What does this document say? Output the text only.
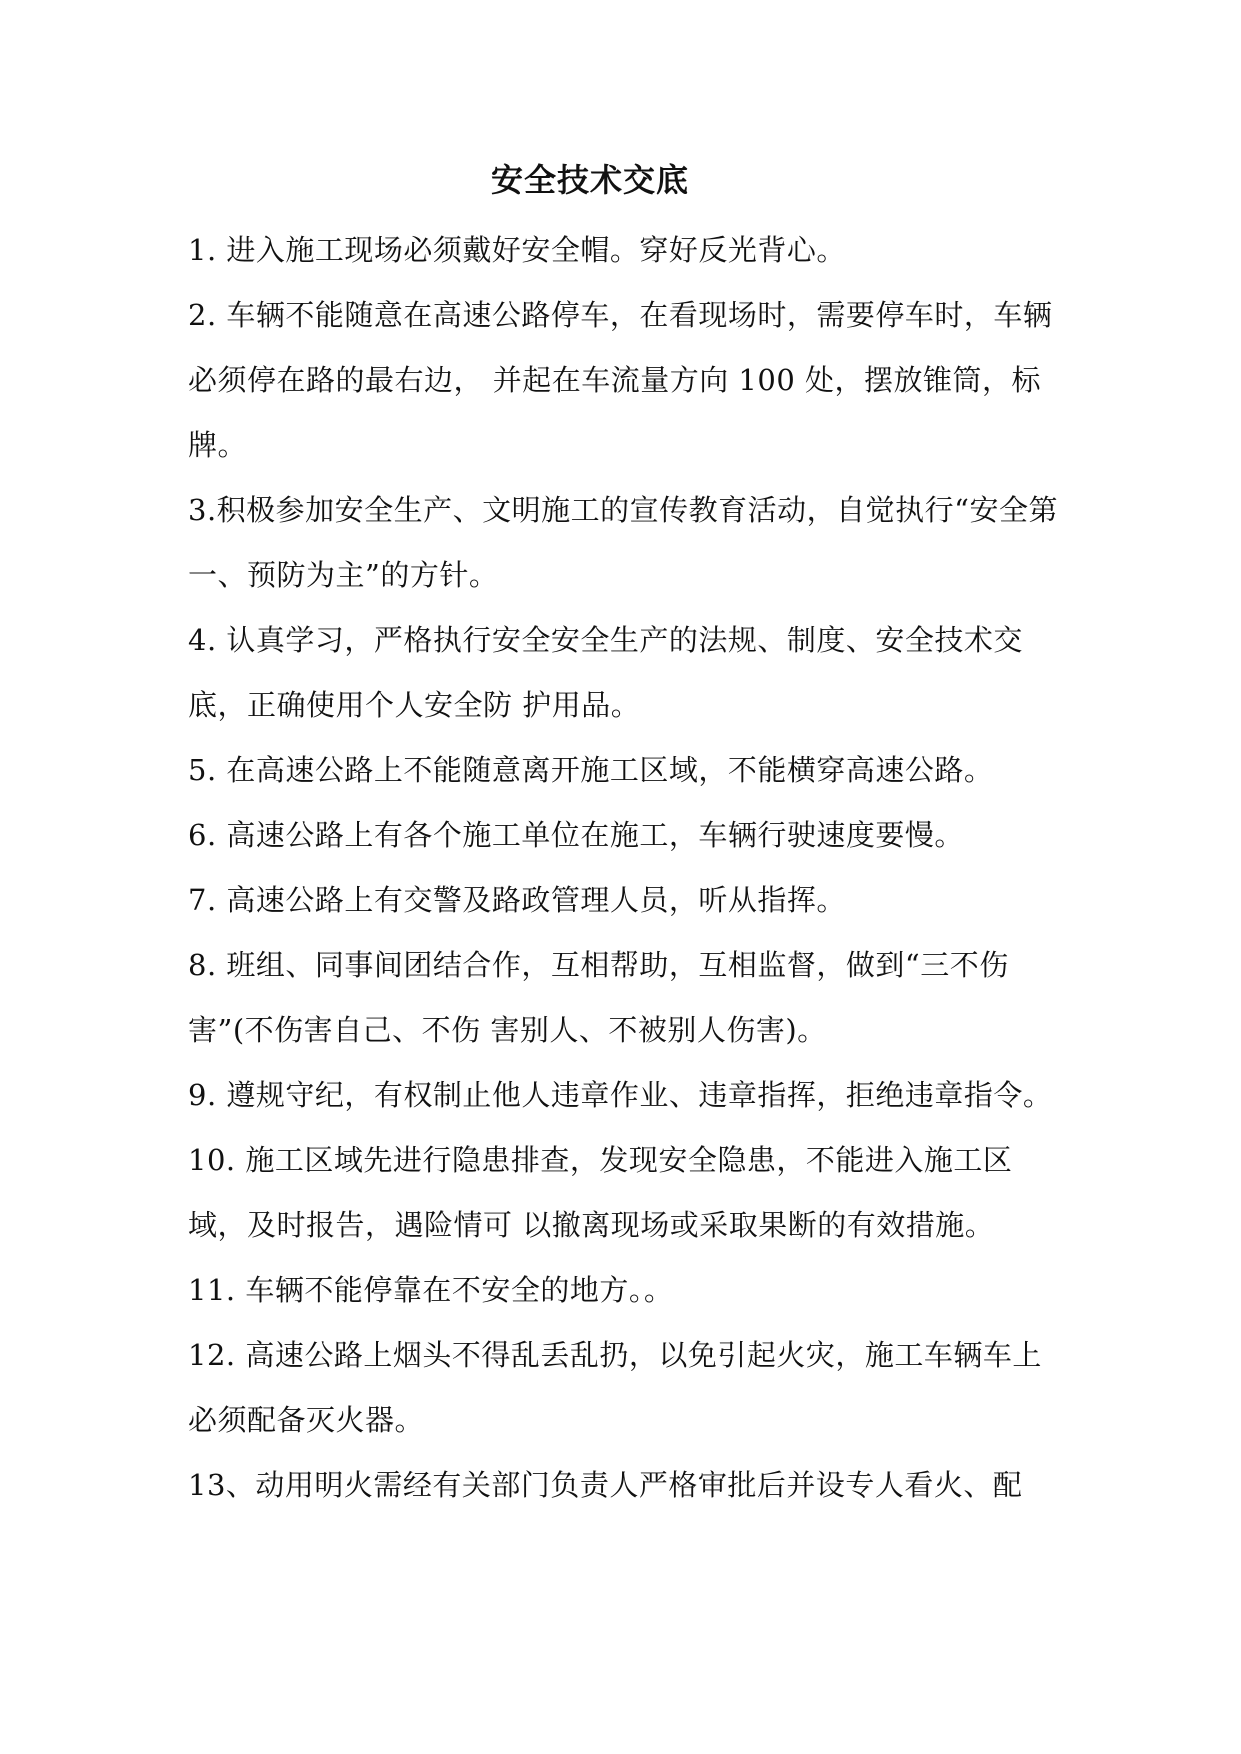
安全技术交底

1. 进入施工现场必须戴好安全帽。穿好反光背心。

2. 车辆不能随意在高速公路停车，在看现场时，需要停车时，车辆必须停在路的最右边， 并起在车流量方向 100 处，摆放锥筒，标牌。

3.积极参加安全生产、文明施工的宣传教育活动，自觉执行“安全第一、预防为主”的方针。

4. 认真学习，严格执行安全安全生产的法规、制度、安全技术交底，正确使用个人安全防 护用品。

5. 在高速公路上不能随意离开施工区域，不能横穿高速公路。

6. 高速公路上有各个施工单位在施工，车辆行驶速度要慢。

7. 高速公路上有交警及路政管理人员，听从指挥。

8. 班组、同事间团结合作，互相帮助，互相监督，做到“三不伤害”(不伤害自己、不伤 害别人、不被别人伤害)。

9. 遵规守纪，有权制止他人违章作业、违章指挥，拒绝违章指令。

10. 施工区域先进行隐患排查，发现安全隐患，不能进入施工区域，及时报告，遇险情可 以撤离现场或采取果断的有效措施。

11. 车辆不能停靠在不安全的地方。。

12. 高速公路上烟头不得乱丢乱扔，以免引起火灾，施工车辆车上必须配备灭火器。

13、动用明火需经有关部门负责人严格审批后并设专人看火、配
